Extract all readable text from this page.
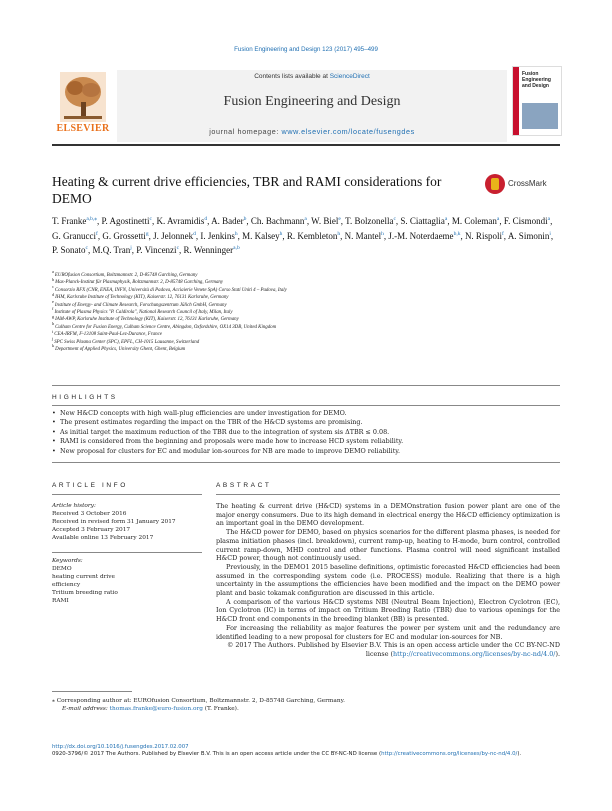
Fusion Engineering and Design 123 (2017) 495–499
ELSEVIER
Contents lists available at ScienceDirect
Fusion Engineering and Design
journal homepage: www.elsevier.com/locate/fusengdes
Fusion Engineering and Design
Heating & current drive efficiencies, TBR and RAMI considerations for DEMO
CrossMark
T. Franke$^{a,b,⁎}$, P. Agostinetti$^c$, K. Avramidis$^d$, A. Bader$^b$, Ch. Bachmann$^a$, W. Biel$^e$, T. Bolzonella$^c$, S. Ciattaglia$^a$, M. Coleman$^a$, F. Cismondi$^a$, G. Granucci$^f$, G. Grossetti$^g$, J. Jelonnek$^d$, I. Jenkins$^h$, M. Kalsey$^h$, R. Kembleton$^h$, N. Mantel$^h$, J.-M. Noterdaeme$^{b,k}$, N. Rispoli$^f$, A. Simonin$^i$, P. Sonato$^c$, M.Q. Tran$^j$, P. Vincenzi$^c$, R. Wenninger$^{a,b}$
aEUROfusion Consortium, Boltzmannstr. 2, D-85748 Garching, Germany
bMax-Planck-Institut für Plasmaphysik, Boltzmannstr. 2, D-85748 Garching, Germany
cConsorzio RFX (CNR, ENEA, INFN, Università di Padova, Acciaierie Venete SpA) Corso Stati Uniti 4 – Padova, Italy
dIHM, Karlsruhe Institute of Technology (KIT), Kaiserstr. 12, 76131 Karlsruhe, Germany
eInstitute of Energy- and Climate Research, Forschungszentrum Jülich GmbH, Germany
fInstitute of Plasma Physics "P. Caldirola", National Research Council of Italy, Milan, Italy
gIAM-AWP, Karlsruhe Institute of Technology (KIT), Kaiserstr. 12, 76131 Karlsruhe, Germany
hCulham Centre for Fusion Energy, Culham Science Centre, Abingdon, Oxfordshire, OX14 3DB, United Kingdom
iCEA-IRFM, F-13108 Saint-Paul-Lez-Durance, France
jSPC Swiss Plasma Center (SPC), EPFL, CH-1015 Lausanne, Switzerland
kDepartment of Applied Physics, University Ghent, Ghent, Belgium
HIGHLIGHTS
• New H&CD concepts with high wall-plug efficiencies are under investigation for DEMO.
• The present estimates regarding the impact on the TBR of the H&CD systems are promising.
• As initial target the maximum reduction of the TBR due to the integration of system sis ΔTBR ≤ 0.08.
• RAMI is considered from the beginning and proposals were made how to increase HCD system reliability.
• New proposal for clusters for EC and modular ion-sources for NB are made to improve DEMO reliability.
ARTICLE INFO	ABSTRACT
Article history:
Received 3 October 2016
Received in revised form 31 January 2017
Accepted 3 February 2017
Available online 13 February 2017
Keywords:
DEMO
heating current drive
efficiency
Tritium breeding ratio
RAMI

The heating & current drive (H&CD) systems in a DEMOnstration fusion power plant are one of the major energy consumers. Due to its high demand in electrical energy the H&CD efficiency optimization is an important goal in the DEMO development.

The H&CD power for DEMO, based on physics scenarios for the different plasma phases, is needed for plasma initiation phases (incl. breakdown), current ramp-up, heating to H-mode, burn control, controlled current ramp-down, MHD control and other functions. Plasma control will need significant installed H&CD power, though not continuously used.

Previously, in the DEMO1 2015 baseline definitions, optimistic forecasted H&CD efficiencies had been assumed in the corresponding system code (i.e. PROCESS) module. Realizing that there is a high uncertainty in the assumptions the efficiencies have been modified and the impact on the DEMO power plant and basic tokamak configuration are discussed in this article.

A comparison of the various H&CD systems NBI (Neutral Beam Injection), Electron Cyclotron (EC), Ion Cyclotron (IC) in terms of impact on Tritium Breeding Ratio (TBR) due to various openings for the H&CD front end components in the breeding blanket (BB) is presented.

For increasing the reliability as major features the power per system unit and the redundancy are identified leading to a new proposal for clusters for EC and modular ion-sources for NB.

© 2017 The Authors. Published by Elsevier B.V. This is an open access article under the CC BY-NC-ND license (http://creativecommons.org/licenses/by-nc-nd/4.0/).

⁎ Corresponding author at: EUROfusion Consortium, Boltzmannstr. 2, D-85748 Garching, Germany.
E-mail address: thomas.franke@euro-fusion.org (T. Franke).
http://dx.doi.org/10.1016/j.fusengdes.2017.02.007
0920-3796/© 2017 The Authors. Published by Elsevier B.V. This is an open access article under the CC BY-NC-ND license (http://creativecommons.org/licenses/by-nc-nd/4.0/).
